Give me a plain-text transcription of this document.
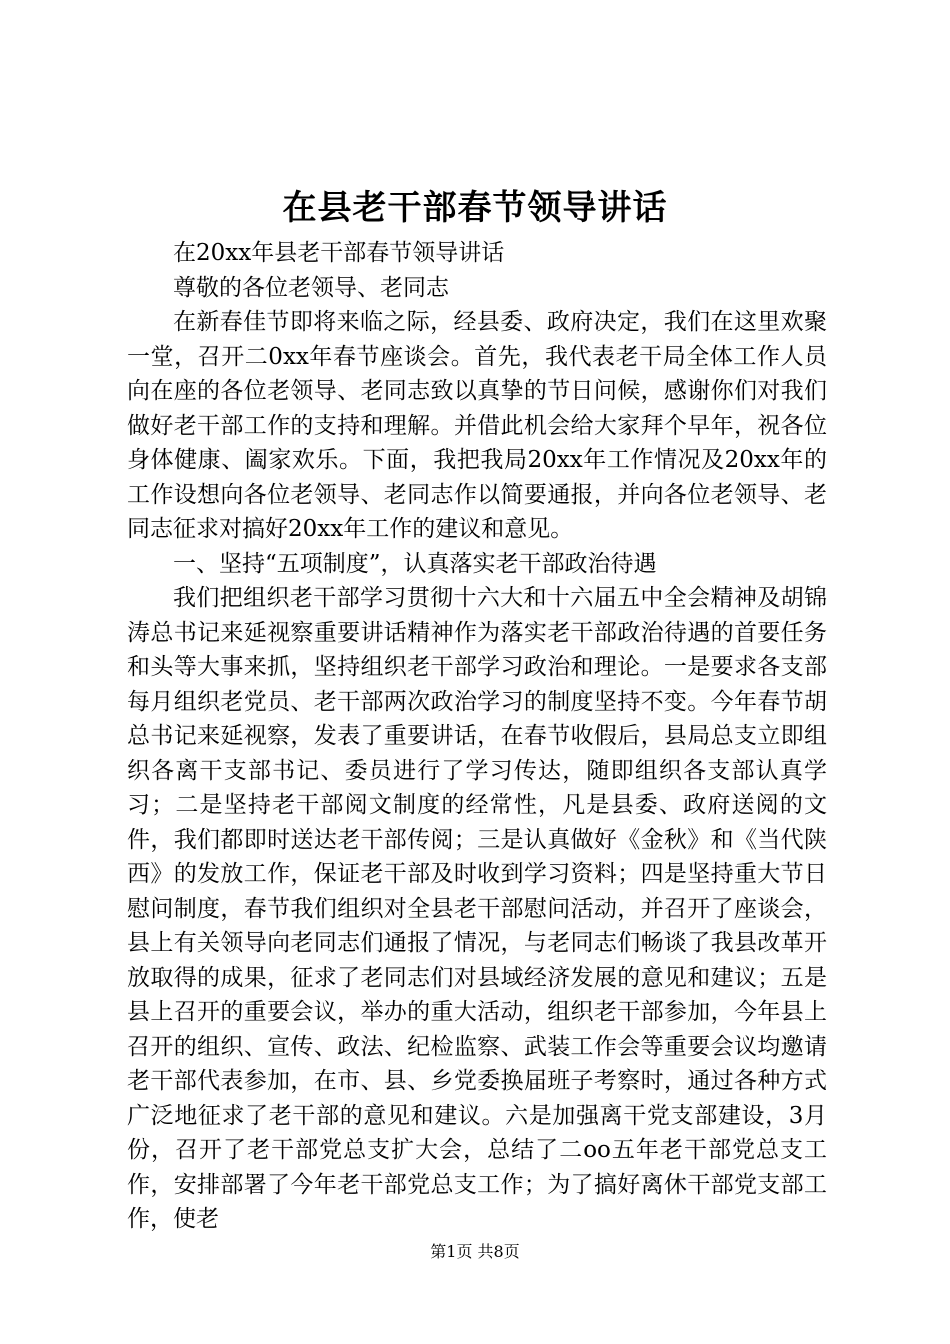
在县老干部春节领导讲话

在20xx年县老干部春节领导讲话

尊敬的各位老领导、老同志

在新春佳节即将来临之际，经县委、政府决定，我们在这里欢聚一堂，召开二0xx年春节座谈会。首先，我代表老干局全体工作人员向在座的各位老领导、老同志致以真挚的节日问候，感谢你们对我们做好老干部工作的支持和理解。并借此机会给大家拜个早年，祝各位身体健康、阖家欢乐。下面，我把我局20xx年工作情况及20xx年的工作设想向各位老领导、老同志作以简要通报，并向各位老领导、老同志征求对搞好20xx年工作的建议和意见。

一、坚持“五项制度”，认真落实老干部政治待遇

我们把组织老干部学习贯彻十六大和十六届五中全会精神及胡锦涛总书记来延视察重要讲话精神作为落实老干部政治待遇的首要任务和头等大事来抓，坚持组织老干部学习政治和理论。一是要求各支部每月组织老党员、老干部两次政治学习的制度坚持不变。今年春节胡总书记来延视察，发表了重要讲话，在春节收假后，县局总支立即组织各离干支部书记、委员进行了学习传达，随即组织各支部认真学习；二是坚持老干部阅文制度的经常性，凡是县委、政府送阅的文件，我们都即时送达老干部传阅；三是认真做好《金秋》和《当代陕西》的发放工作，保证老干部及时收到学习资料；四是坚持重大节日慰问制度，春节我们组织对全县老干部慰问活动，并召开了座谈会，县上有关领导向老同志们通报了情况，与老同志们畅谈了我县改革开放取得的成果，征求了老同志们对县域经济发展的意见和建议；五是县上召开的重要会议，举办的重大活动，组织老干部参加，今年县上召开的组织、宣传、政法、纪检监察、武装工作会等重要会议均邀请老干部代表参加，在市、县、乡党委换届班子考察时，通过各种方式广泛地征求了老干部的意见和建议。六是加强离干党支部建设，3月份，召开了老干部党总支扩大会，总结了二oo五年老干部党总支工作，安排部署了今年老干部党总支工作；为了搞好离休干部党支部工作，使老

第1页 共8页
